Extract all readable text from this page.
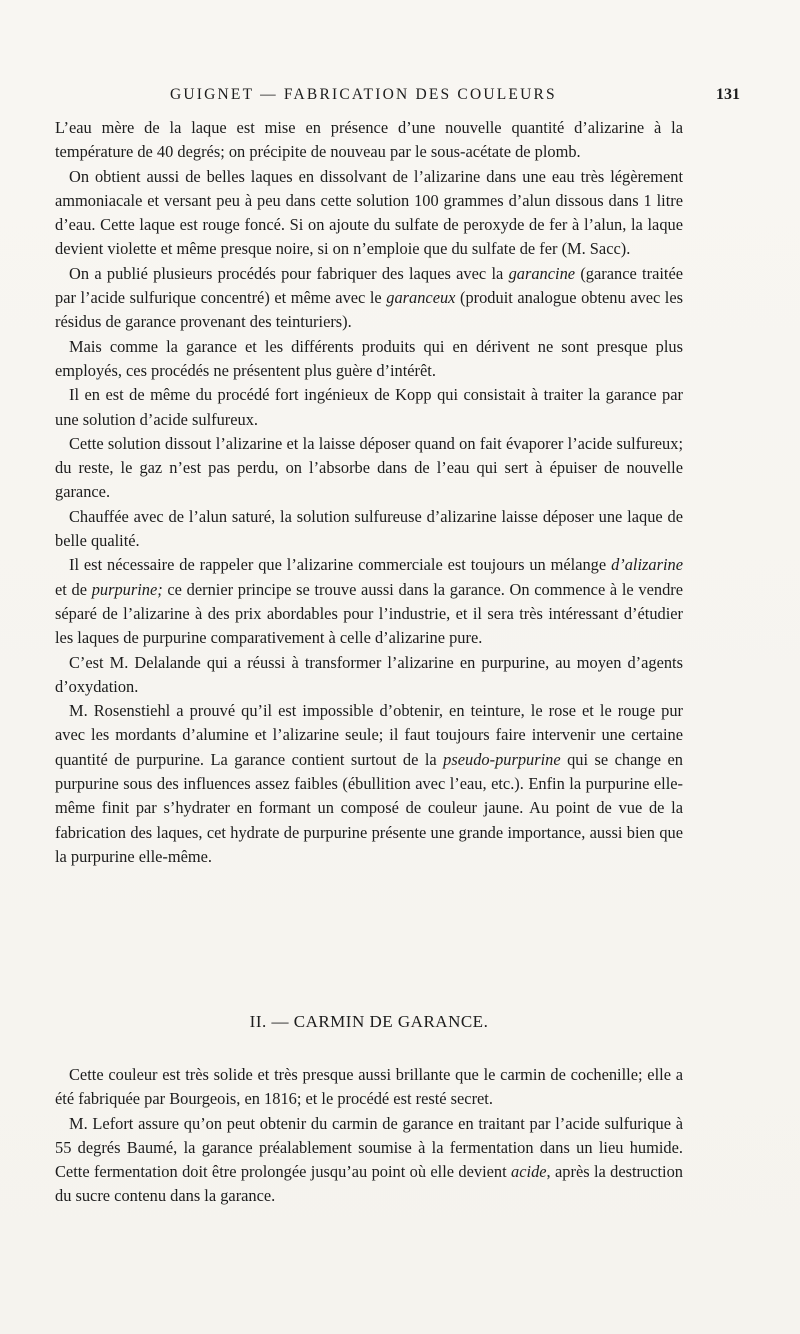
GUIGNET — FABRICATION DES COULEURS	131

L’eau mère de la laque est mise en présence d’une nouvelle quantité d’alizarine à la température de 40 degrés; on précipite de nouveau par le sous-acétate de plomb.

On obtient aussi de belles laques en dissolvant de l’alizarine dans une eau très légèrement ammoniacale et versant peu à peu dans cette solution 100 grammes d’alun dissous dans 1 litre d’eau. Cette laque est rouge foncé. Si on ajoute du sulfate de peroxyde de fer à l’alun, la laque devient violette et même presque noire, si on n’emploie que du sulfate de fer (M. Sacc).

On a publié plusieurs procédés pour fabriquer des laques avec la garancine (garance traitée par l’acide sulfurique concentré) et même avec le garanceux (produit analogue obtenu avec les résidus de garance provenant des teinturiers).

Mais comme la garance et les différents produits qui en dérivent ne sont presque plus employés, ces procédés ne présentent plus guère d’intérêt.

Il en est de même du procédé fort ingénieux de Kopp qui consistait à traiter la garance par une solution d’acide sulfureux.

Cette solution dissout l’alizarine et la laisse déposer quand on fait évaporer l’acide sulfureux; du reste, le gaz n’est pas perdu, on l’absorbe dans de l’eau qui sert à épuiser de nouvelle garance.

Chauffée avec de l’alun saturé, la solution sulfureuse d’alizarine laisse déposer une laque de belle qualité.

Il est nécessaire de rappeler que l’alizarine commerciale est toujours un mélange d’alizarine et de purpurine; ce dernier principe se trouve aussi dans la garance. On commence à le vendre séparé de l’alizarine à des prix abordables pour l’industrie, et il sera très intéressant d’étudier les laques de purpurine comparativement à celle d’alizarine pure.

C’est M. Delalande qui a réussi à transformer l’alizarine en purpurine, au moyen d’agents d’oxydation.

M. Rosenstiehl a prouvé qu’il est impossible d’obtenir, en teinture, le rose et le rouge pur avec les mordants d’alumine et l’alizarine seule; il faut toujours faire intervenir une certaine quantité de purpurine. La garance contient surtout de la pseudo-purpurine qui se change en purpurine sous des influences assez faibles (ébullition avec l’eau, etc.). Enfin la purpurine elle-même finit par s’hydrater en formant un composé de couleur jaune. Au point de vue de la fabrication des laques, cet hydrate de purpurine présente une grande importance, aussi bien que la purpurine elle-même.

II. — CARMIN DE GARANCE.

Cette couleur est très solide et très presque aussi brillante que le carmin de cochenille; elle a été fabriquée par Bourgeois, en 1816; et le procédé est resté secret.

M. Lefort assure qu’on peut obtenir du carmin de garance en traitant par l’acide sulfurique à 55 degrés Baumé, la garance préalablement soumise à la fermentation dans un lieu humide. Cette fermentation doit être prolongée jusqu’au point où elle devient acide, après la destruction du sucre contenu dans la garance.
